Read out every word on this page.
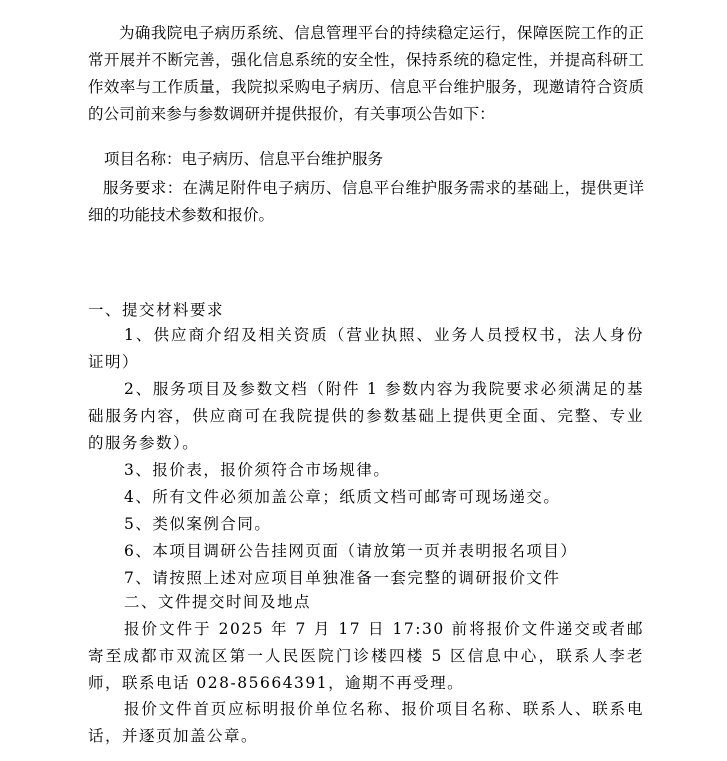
为确我院电子病历系统、信息管理平台的持续稳定运行，保障医院工作的正常开展并不断完善，强化信息系统的安全性，保持系统的稳定性，并提高科研工作效率与工作质量，我院拟采购电子病历、信息平台维护服务，现邀请符合资质的公司前来参与参数调研并提供报价，有关事项公告如下：

项目名称：电子病历、信息平台维护服务

服务要求：在满足附件电子病历、信息平台维护服务需求的基础上，提供更详细的功能技术参数和报价。

一、提交材料要求

1、供应商介绍及相关资质（营业执照、业务人员授权书，法人身份证明）

2、服务项目及参数文档（附件 1 参数内容为我院要求必须满足的基础服务内容，供应商可在我院提供的参数基础上提供更全面、完整、专业的服务参数）。

3、报价表，报价须符合市场规律。

4、所有文件必须加盖公章；纸质文档可邮寄可现场递交。

5、类似案例合同。

6、本项目调研公告挂网页面（请放第一页并表明报名项目）

7、请按照上述对应项目单独准备一套完整的调研报价文件

二、文件提交时间及地点

报价文件于 2025 年 7 月 17 日 17:30 前将报价文件递交或者邮寄至成都市双流区第一人民医院门诊楼四楼 5 区信息中心，联系人李老师，联系电话 028-85664391，逾期不再受理。

报价文件首页应标明报价单位名称、报价项目名称、联系人、联系电话，并逐页加盖公章。
